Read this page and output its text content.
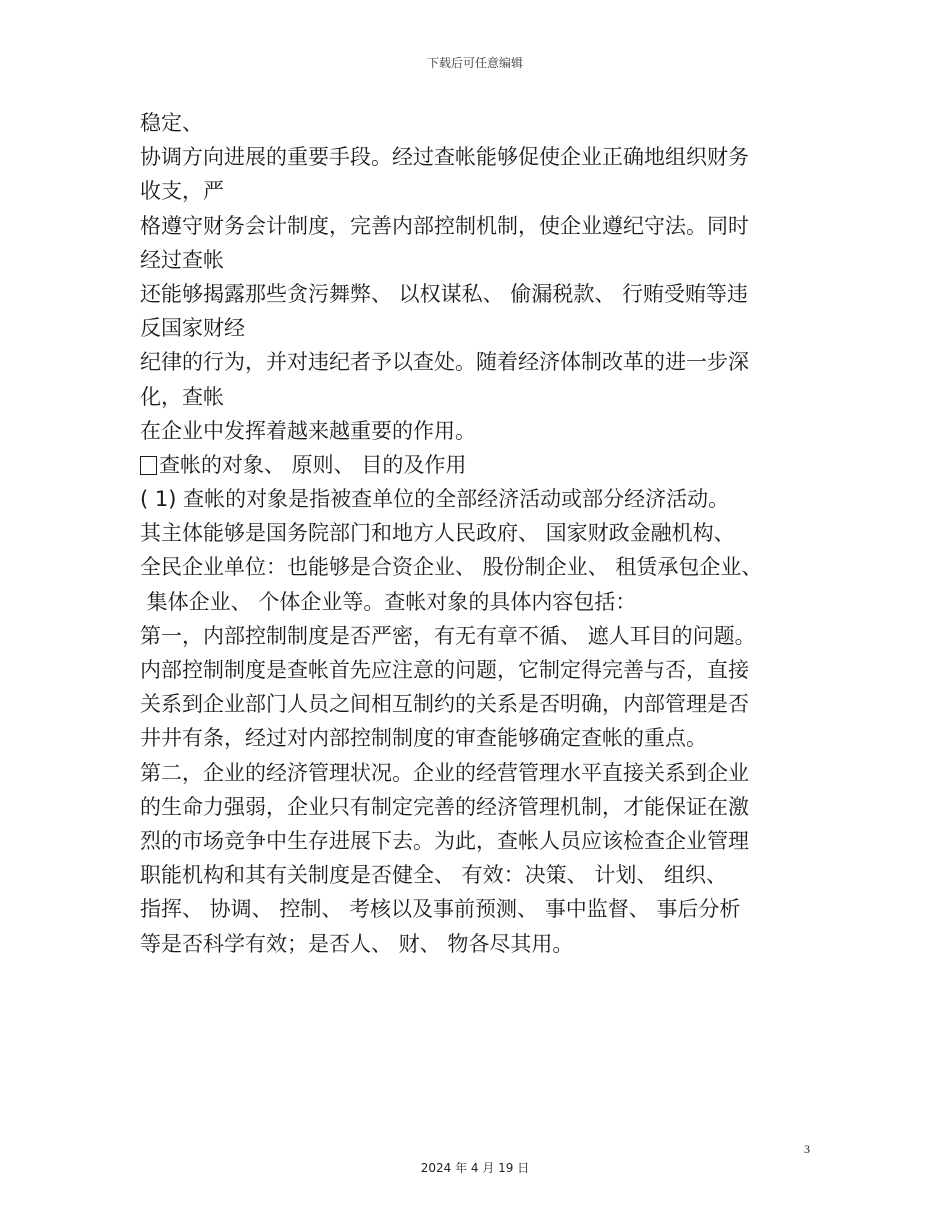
下载后可任意编辑
稳定、
协调方向进展的重要手段。经过查帐能够促使企业正确地组织财务
收支，严
格遵守财务会计制度，完善内部控制机制，使企业遵纪守法。同时
经过查帐
还能够揭露那些贪污舞弊、 以权谋私、 偷漏税款、 行贿受贿等违
反国家财经
纪律的行为，并对违纪者予以查处。随着经济体制改革的进一步深
化，查帐
在企业中发挥着越来越重要的作用。
查帐的对象、 原则、 目的及作用
( 1) 查帐的对象是指被查单位的全部经济活动或部分经济活动。
其主体能够是国务院部门和地方人民政府、 国家财政金融机构、
全民企业单位：也能够是合资企业、 股份制企业、 租赁承包企业、
集体企业、 个体企业等。查帐对象的具体内容包括：
第一，内部控制制度是否严密，有无有章不循、 遮人耳目的问题。
内部控制制度是查帐首先应注意的问题，它制定得完善与否，直接
关系到企业部门人员之间相互制约的关系是否明确，内部管理是否
井井有条，经过对内部控制制度的审查能够确定查帐的重点。
第二，企业的经济管理状况。企业的经营管理水平直接关系到企业
的生命力强弱，企业只有制定完善的经济管理机制，才能保证在激
烈的市场竞争中生存进展下去。为此，查帐人员应该检查企业管理
职能机构和其有关制度是否健全、 有效：决策、 计划、 组织、
指挥、 协调、 控制、 考核以及事前预测、 事中监督、 事后分析
等是否科学有效；是否人、 财、 物各尽其用。
3
2024 年 4 月 19 日
